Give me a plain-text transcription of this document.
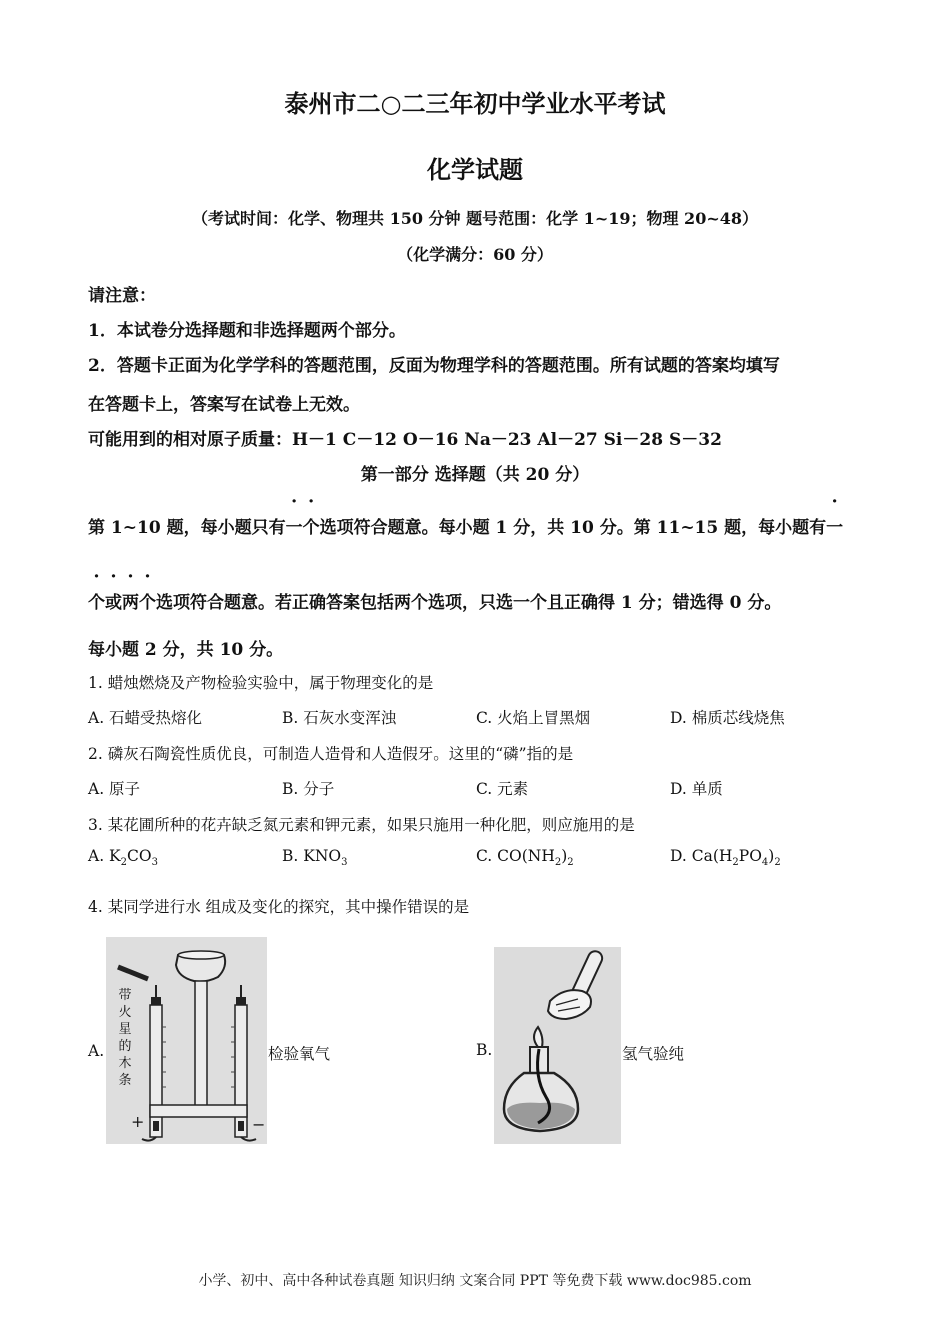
泰州市二○二三年初中学业水平考试
化学试题
（考试时间：化学、物理共 150 分钟 题号范围：化学 1~19；物理 20~48）
（化学满分：60 分）
请注意：
1．本试卷分选择题和非选择题两个部分。
2．答题卡正面为化学学科的答题范围，反面为物理学科的答题范围。所有试题的答案均填写
在答题卡上，答案写在试卷上无效。
可能用到的相对原子质量：H－1 C－12 O－16 Na－23 Al－27 Si－28 S－32
第一部分 选择题（共 20 分）
第 1~10 题，每小题只有一个选项符合题意。每小题 1 分，共 10 分。第 11~15 题，每小题有一
个或两个选项符合题意。若正确答案包括两个选项，只选一个且正确得 1 分；错选得 0 分。
每小题 2 分，共 10 分。
1. 蜡烛燃烧及产物检验实验中，属于物理变化的是
A. 石蜡受热熔化	B. 石灰水变浑浊	C. 火焰上冒黑烟	D. 棉质芯线烧焦
2. 磷灰石陶瓷性质优良，可制造人造骨和人造假牙。这里的“磷”指的是
A. 原子	B. 分子	C. 元素	D. 单质
3. 某花圃所种的花卉缺乏氮元素和钾元素，如果只施用一种化肥，则应施用的是
A. $K_2CO_3$	B. $KNO_3$	C. $CO(NH_2)_2$	D. $Ca(H_2PO_4)_2$
4. 某同学进行水 组成及变化的探究，其中操作错误的是
A.
带火星的木条
+	−
检验氧气	B.	氢气验纯
小学、初中、高中各种试卷真题 知识归纳 文案合同 PPT 等免费下载 www.doc985.com
